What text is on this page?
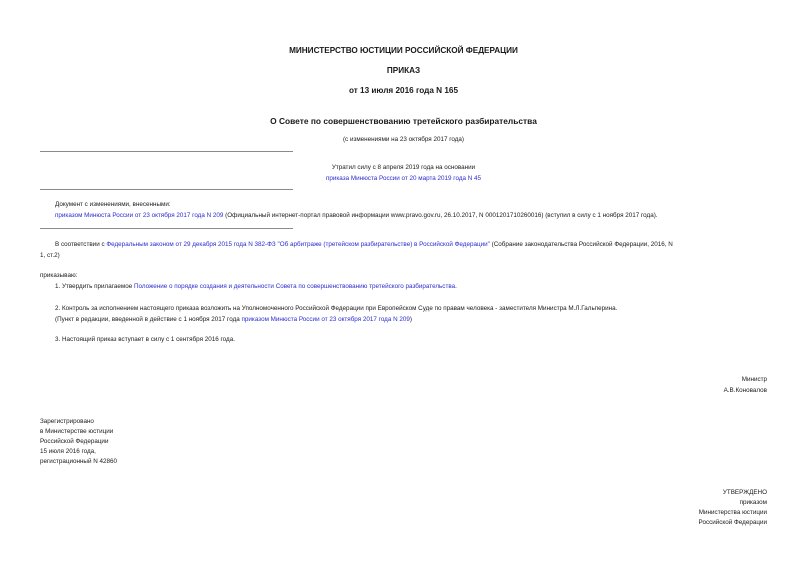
МИНИСТЕРСТВО ЮСТИЦИИ РОССИЙСКОЙ ФЕДЕРАЦИИ
ПРИКАЗ
от 13 июля 2016 года N 165
О Совете по совершенствованию третейского разбирательства
(с изменениями на 23 октября 2017 года)
Утратил силу с 8 апреля 2019 года на основании
приказа Минюста России от 20 марта 2019 года N 45
Документ с изменениями, внесенными:
приказом Минюста России от 23 октября 2017 года N 209 (Официальный интернет-портал правовой информации www.pravo.gov.ru, 26.10.2017, N 0001201710260016) (вступил в силу с 1 ноября 2017 года).
В соответствии с Федеральным законом от 29 декабря 2015 года N 382-ФЗ "Об арбитраже (третейском разбирательстве) в Российской Федерации" (Собрание законодательства Российской Федерации, 2016, N
1, ст.2)
приказываю:
1. Утвердить прилагаемое Положение о порядке создания и деятельности Совета по совершенствованию третейского разбирательства.
2. Контроль за исполнением настоящего приказа возложить на Уполномоченного Российской Федерации при Европейском Суде по правам человека - заместителя Министра М.Л.Гальперина.
(Пункт в редакции, введенной в действие с 1 ноября 2017 года приказом Минюста России от 23 октября 2017 года N 209)
3. Настоящий приказ вступает в силу с 1 сентября 2016 года.
Министр
А.В.Коновалов
Зарегистрировано
в Министерстве юстиции
Российской Федерации
15 июля 2016 года,
регистрационный N 42860
УТВЕРЖДЕНО
приказом
Министерства юстиции
Российской Федерации
